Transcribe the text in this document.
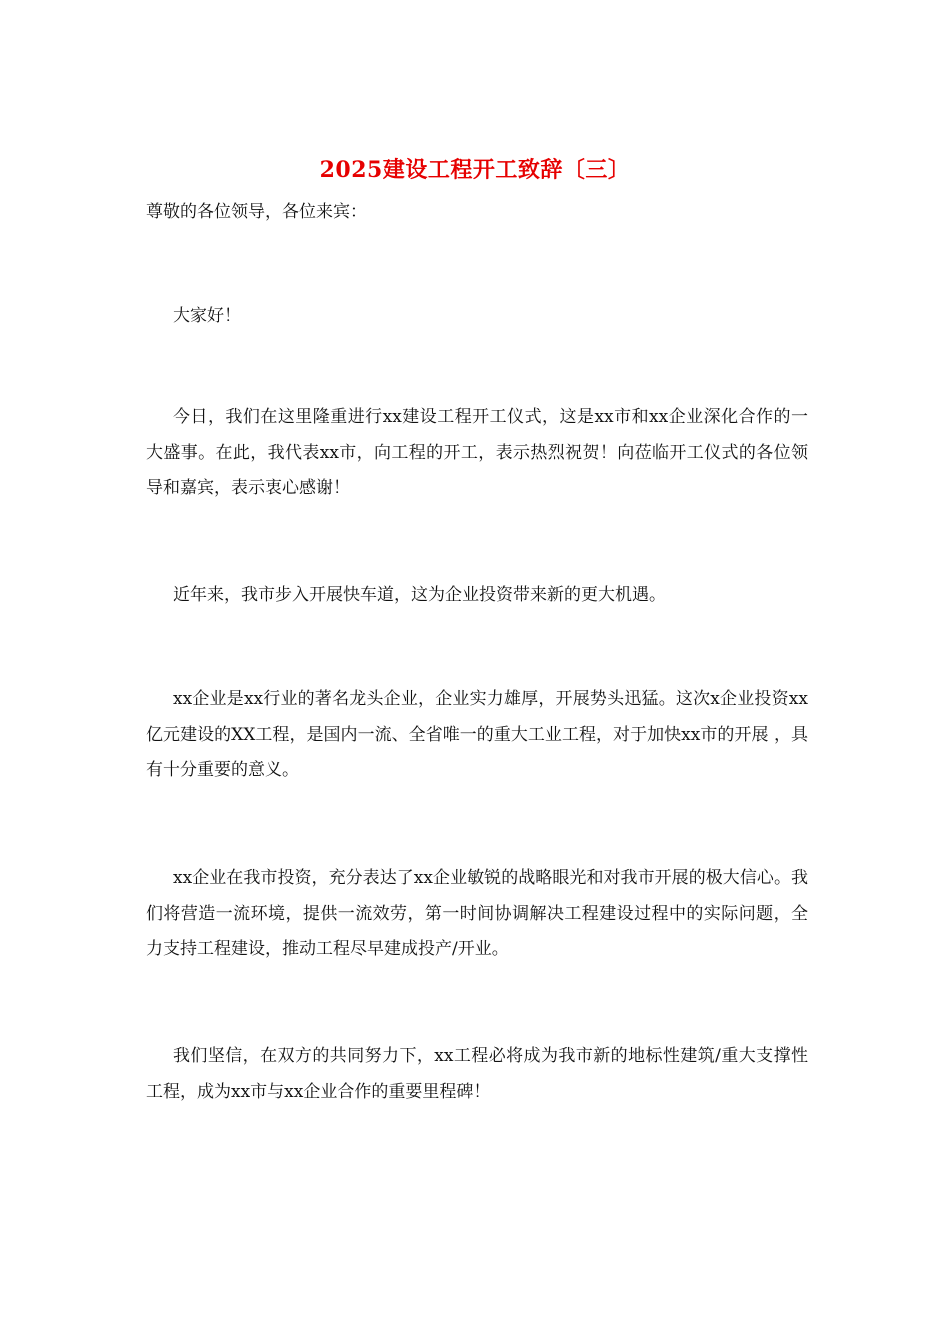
2025建设工程开工致辞〔三〕
尊敬的各位领导，各位来宾：

大家好！

今日，我们在这里隆重进行xx建设工程开工仪式，这是xx市和xx企业深化合作的一大盛事。在此，我代表xx市，向工程的开工，表示热烈祝贺！向莅临开工仪式的各位领导和嘉宾，表示衷心感谢！

近年来，我市步入开展快车道，这为企业投资带来新的更大机遇。

xx企业是xx行业的著名龙头企业，企业实力雄厚，开展势头迅猛。这次x企业投资xx亿元建设的XX工程，是国内一流、全省唯一的重大工业工程，对于加快xx市的开展 ，具有十分重要的意义。

xx企业在我市投资，充分表达了xx企业敏锐的战略眼光和对我市开展的极大信心。我们将营造一流环境，提供一流效劳，第一时间协调解决工程建设过程中的实际问题，全力支持工程建设，推动工程尽早建成投产/开业。

我们坚信，在双方的共同努力下，xx工程必将成为我市新的地标性建筑/重大支撑性工程，成为xx市与xx企业合作的重要里程碑！
